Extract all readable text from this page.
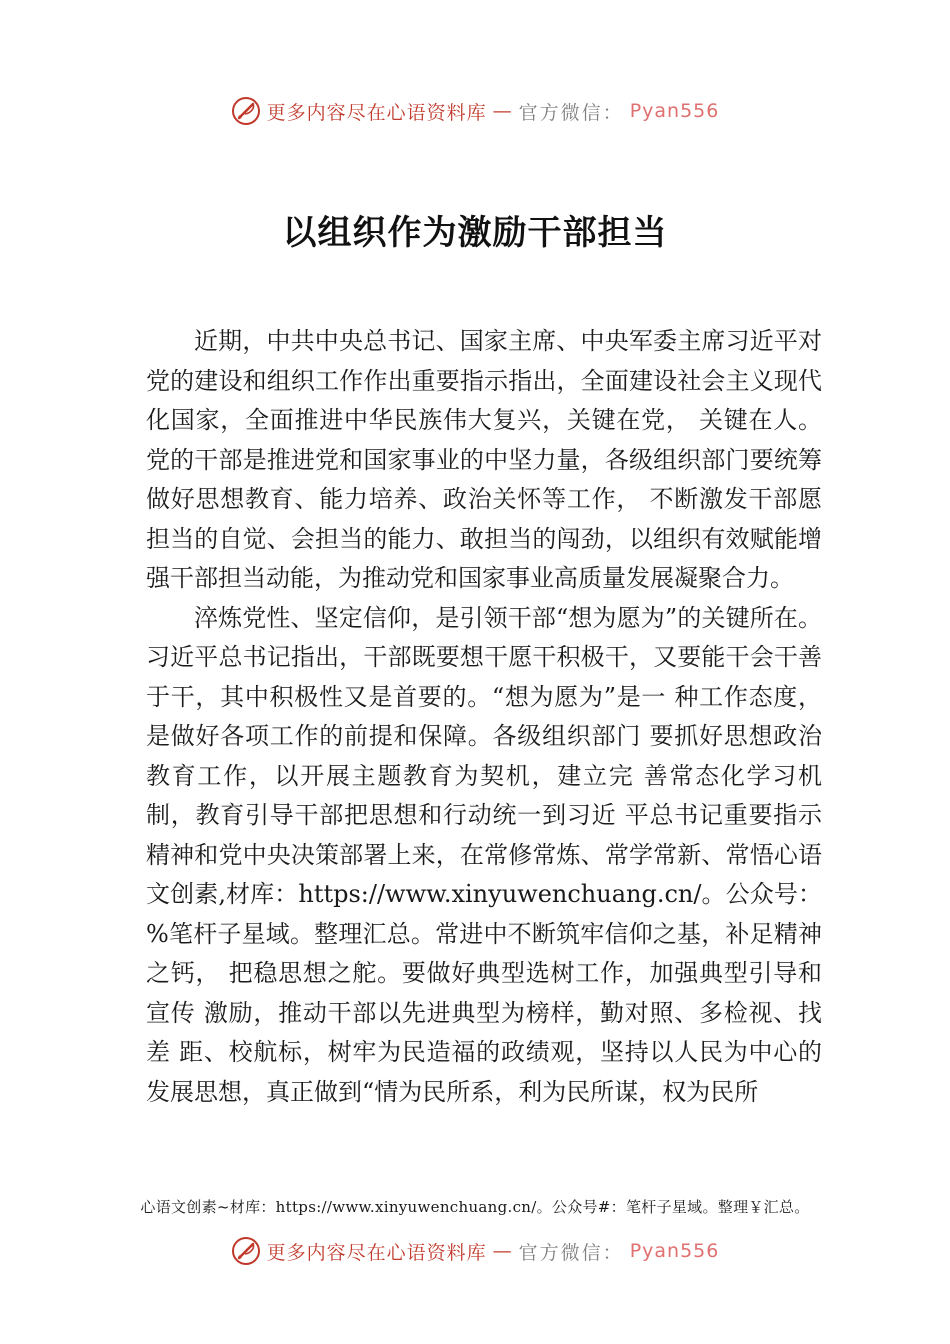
更多内容尽在心语资料库 — 官方微信： Pyan556
以组织作为激励干部担当

近期，中共中央总书记、国家主席、中央军委主席习近平对党的建设和组织工作作出重要指示指出，全面建设社会主义现代化国家，全面推进中华民族伟大复兴，关键在党， 关键在人。党的干部是推进党和国家事业的中坚力量，各级组织部门要统筹做好思想教育、能力培养、政治关怀等工作， 不断激发干部愿担当的自觉、会担当的能力、敢担当的闯劲，以组织有效赋能增强干部担当动能，为推动党和国家事业高质量发展凝聚合力。

淬炼党性、坚定信仰，是引领干部“想为愿为”的关键所在。习近平总书记指出，干部既要想干愿干积极干，又要能干会干善于干，其中积极性又是首要的。“想为愿为”是一 种工作态度，是做好各项工作的前提和保障。各级组织部门 要抓好思想政治教育工作，以开展主题教育为契机，建立完 善常态化学习机制，教育引导干部把思想和行动统一到习近 平总书记重要指示精神和党中央决策部署上来，在常修常炼、常学常新、常悟心语文创素,材库：https://www.xinyuwenchuang.cn/。公众号：%笔杆子星域。整理汇总。常进中不断筑牢信仰之基，补足精神之钙， 把稳思想之舵。要做好典型选树工作，加强典型引导和宣传 激励，推动干部以先进典型为榜样，勤对照、多检视、找差 距、校航标，树牢为民造福的政绩观，坚持以人民为中心的 发展思想，真正做到“情为民所系，利为民所谋，权为民所

心语文创素~材库：https://www.xinyuwenchuang.cn/。公众号#：笔杆子星域。整理￥汇总。
更多内容尽在心语资料库 — 官方微信： Pyan556
